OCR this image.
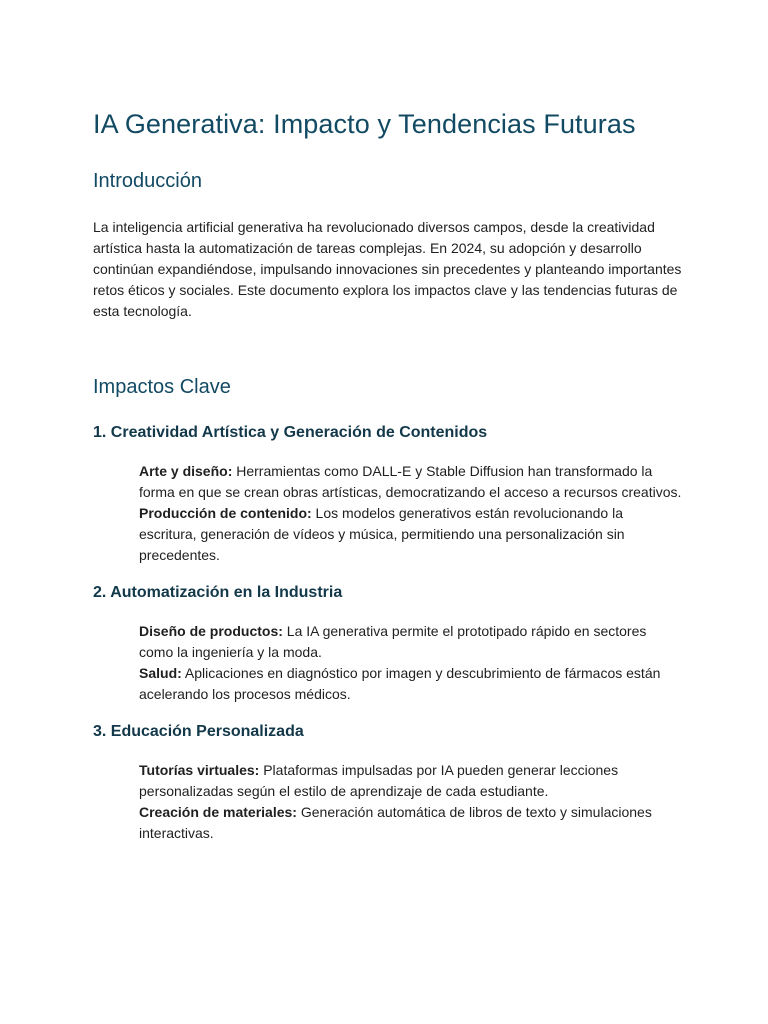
IA Generativa: Impacto y Tendencias Futuras
Introducción

La inteligencia artificial generativa ha revolucionado diversos campos, desde la creatividad artística hasta la automatización de tareas complejas. En 2024, su adopción y desarrollo continúan expandiéndose, impulsando innovaciones sin precedentes y planteando importantes retos éticos y sociales. Este documento explora los impactos clave y las tendencias futuras de esta tecnología.

Impactos Clave
1. Creatividad Artística y Generación de Contenidos

Arte y diseño: Herramientas como DALL-E y Stable Diffusion han transformado la forma en que se crean obras artísticas, democratizando el acceso a recursos creativos.

Producción de contenido: Los modelos generativos están revolucionando la escritura, generación de vídeos y música, permitiendo una personalización sin precedentes.

2. Automatización en la Industria

Diseño de productos: La IA generativa permite el prototipado rápido en sectores como la ingeniería y la moda.

Salud: Aplicaciones en diagnóstico por imagen y descubrimiento de fármacos están acelerando los procesos médicos.

3. Educación Personalizada

Tutorías virtuales: Plataformas impulsadas por IA pueden generar lecciones personalizadas según el estilo de aprendizaje de cada estudiante.

Creación de materiales: Generación automática de libros de texto y simulaciones interactivas.
